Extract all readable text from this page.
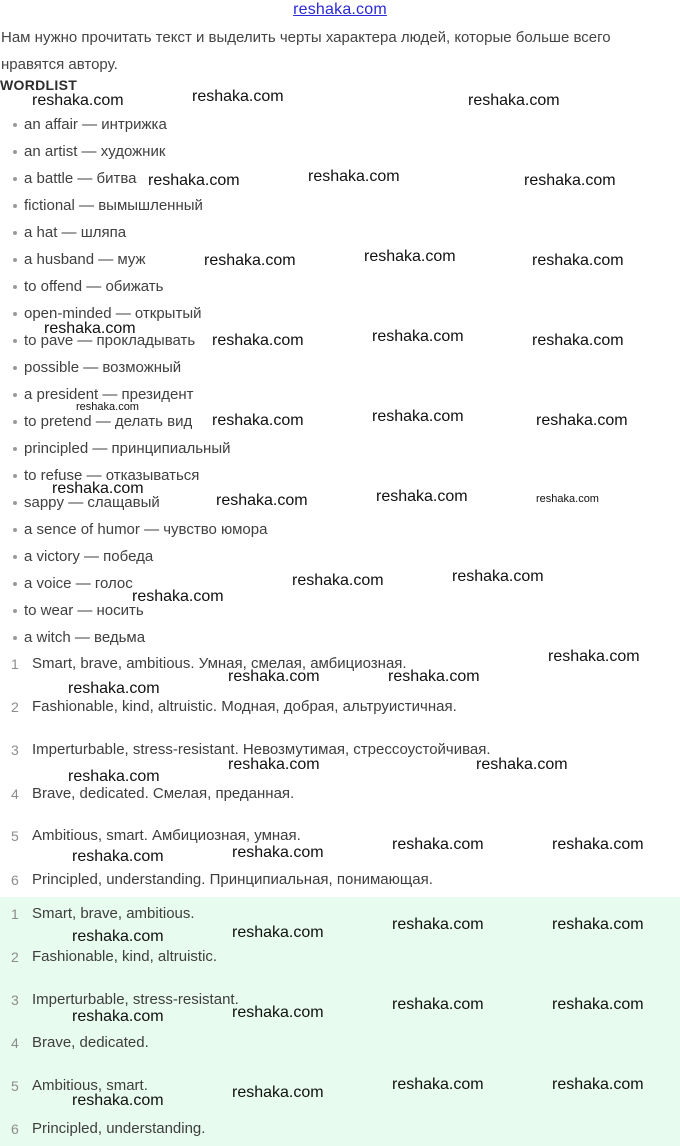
reshaka.com
Нам нужно прочитать текст и выделить черты характера людей, которые больше всего нравятся автору.
WORDLIST
an affair — интрижка
an artist — художник
a battle — битва
fictional — вымышленный
a hat — шляпа
a husband — муж
to offend — обижать
open-minded — открытый
to pave — прокладывать
possible — возможный
a president — президент
to pretend — делать вид
principled — принципиальный
to refuse — отказываться
sappy — слащавый
a sence of humor — чувство юмора
a victory — победа
a voice — голос
to wear — носить
a witch — ведьма
1 Smart, brave, ambitious. Умная, смелая, амбициозная.
2 Fashionable, kind, altruistic. Модная, добрая, альтруистичная.
3 Imperturbable, stress-resistant. Невозмутимая, стрессоустойчивая.
4 Brave, dedicated. Смелая, преданная.
5 Ambitious, smart. Амбициозная, умная.
6 Principled, understanding. Принципиальная, понимающая.
1 Smart, brave, ambitious.
2 Fashionable, kind, altruistic.
3 Imperturbable, stress-resistant.
4 Brave, dedicated.
5 Ambitious, smart.
6 Principled, understanding.
reshaka.com	reshaka.com	reshaka.com
reshaka.com	reshaka.com	reshaka.com
reshaka.com	reshaka.com	reshaka.com
reshaka.com
reshaka.com	reshaka.com	reshaka.com
reshaka.com
reshaka.com	reshaka.com	reshaka.com
reshaka.com
reshaka.com	reshaka.com	reshaka.com
reshaka.com	reshaka.com
reshaka.com
reshaka.com
reshaka.com	reshaka.com
reshaka.com
reshaka.com	reshaka.com
reshaka.com
reshaka.com	reshaka.com
reshaka.com
reshaka.com
reshaka.com	reshaka.com
reshaka.com
reshaka.com
reshaka.com	reshaka.com
reshaka.com
reshaka.com
reshaka.com	reshaka.com
reshaka.com
reshaka.com
